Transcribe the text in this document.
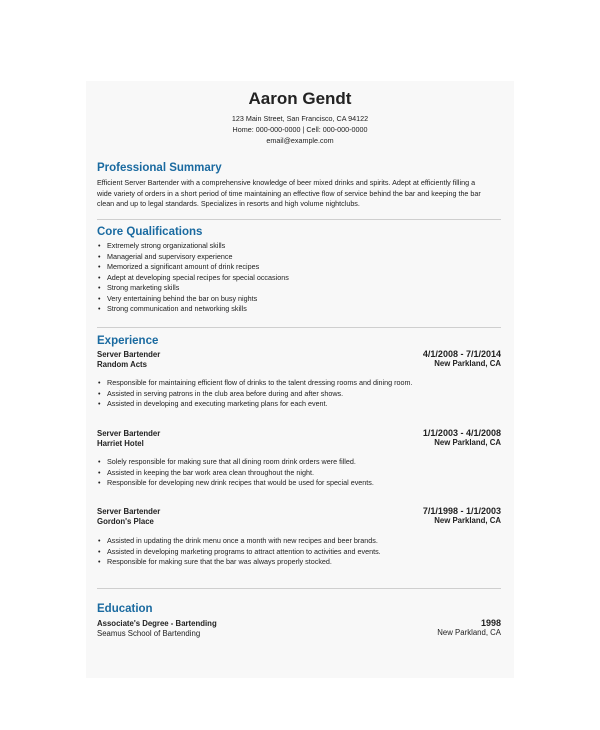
Aaron Gendt
123 Main Street, San Francisco, CA 94122
Home: 000-000-0000 | Cell: 000-000-0000
email@example.com
Professional Summary
Efficient Server Bartender with a comprehensive knowledge of beer mixed drinks and spirits. Adept at efficiently filling a
wide variety of orders in a short period of time maintaining an effective flow of service behind the bar and keeping the bar
clean and up to legal standards. Specializes in resorts and high volume nightclubs.
Core Qualifications
• Extremely strong organizational skills
• Managerial and supervisory experience
• Memorized a significant amount of drink recipes
• Adept at developing special recipes for special occasions
• Strong marketing skills
• Very entertaining behind the bar on busy nights
• Strong communication and networking skills
Experience
Server Bartender
Random Acts
4/1/2008 - 7/1/2014
New Parkland, CA
• Responsible for maintaining efficient flow of drinks to the talent dressing rooms and dining room.
• Assisted in serving patrons in the club area before during and after shows.
• Assisted in developing and executing marketing plans for each event.
Server Bartender
Harriet Hotel
1/1/2003 - 4/1/2008
New Parkland, CA
• Solely responsible for making sure that all dining room drink orders were filled.
• Assisted in keeping the bar work area clean throughout the night.
• Responsible for developing new drink recipes that would be used for special events.
Server Bartender
Gordon's Place
7/1/1998 - 1/1/2003
New Parkland, CA
• Assisted in updating the drink menu once a month with new recipes and beer brands.
• Assisted in developing marketing programs to attract attention to activities and events.
• Responsible for making sure that the bar was always properly stocked.
Education
Associate's Degree - Bartending
Seamus School of Bartending
1998
New Parkland, CA
